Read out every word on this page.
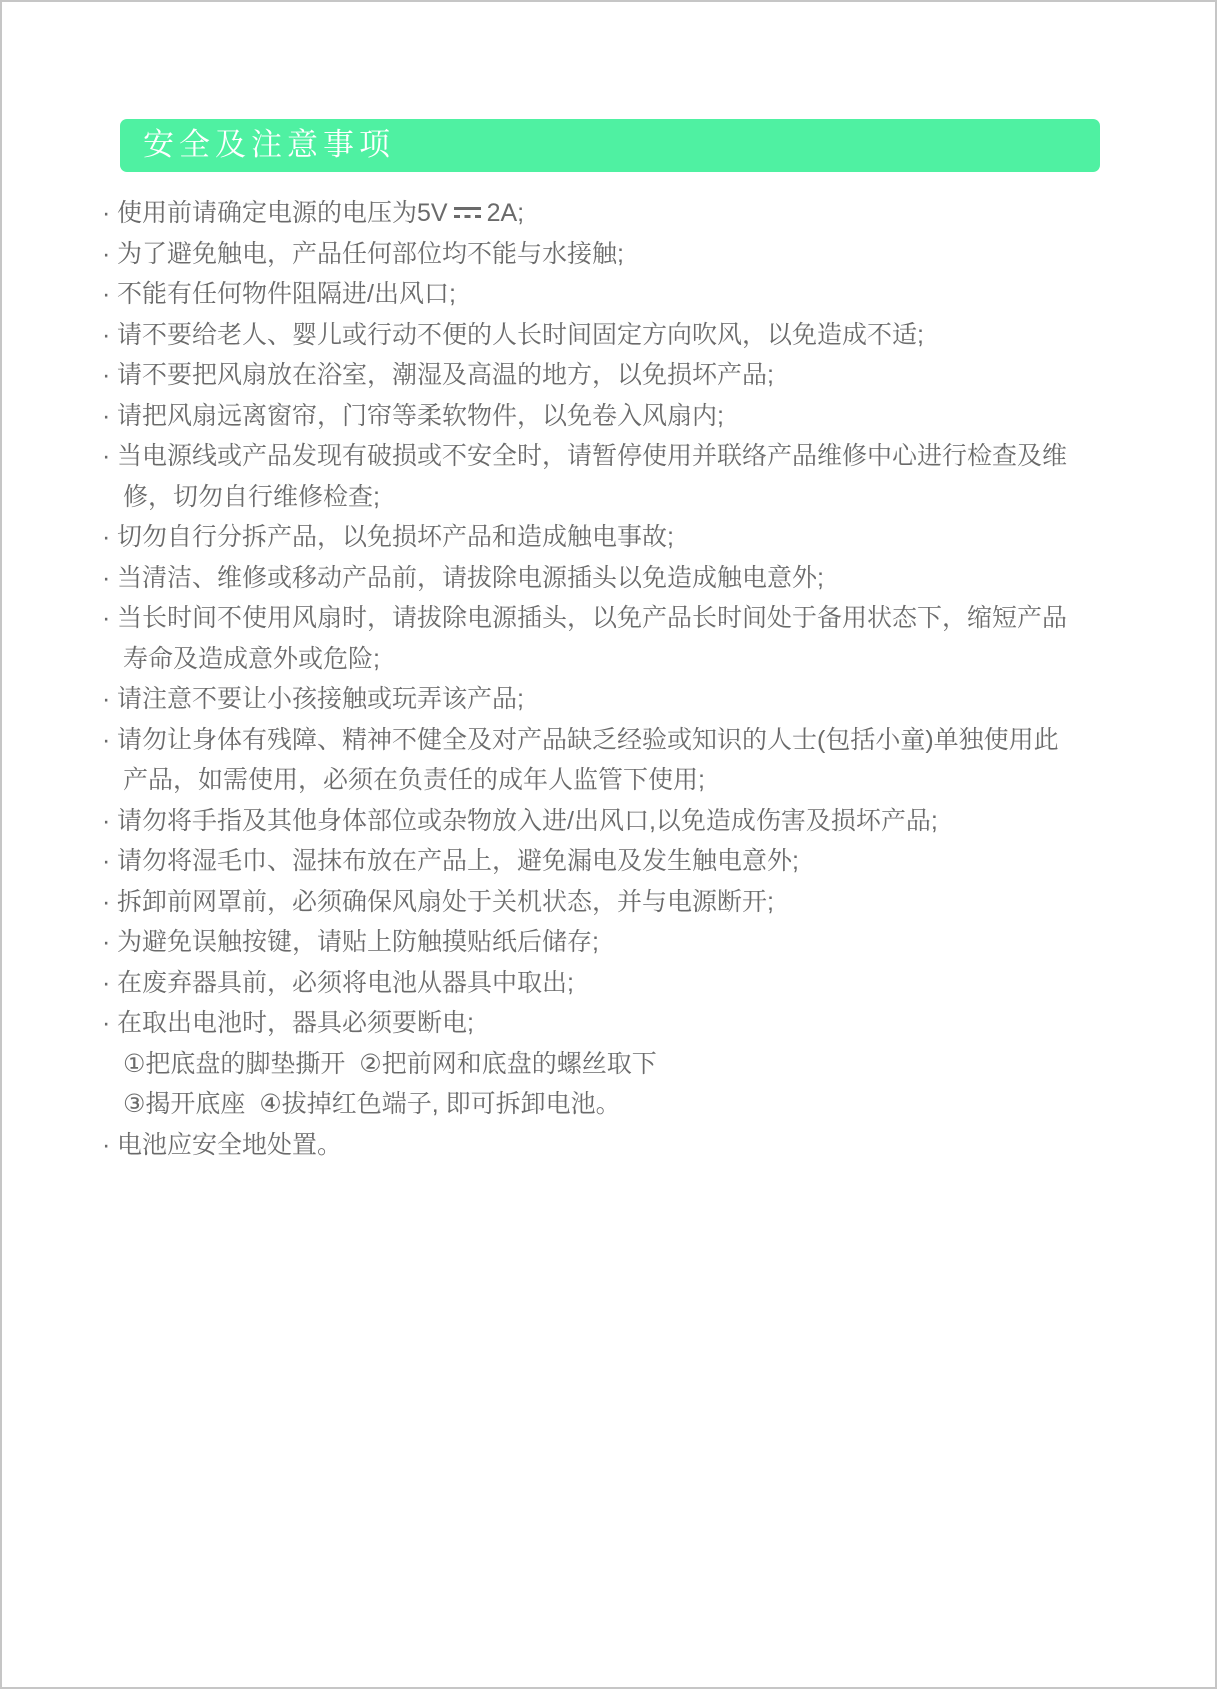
安全及注意事项
· 使用前请确定电源的电压为5V 2A;
· 为了避免触电，产品任何部位均不能与水接触;
· 不能有任何物件阻隔进/出风口;
· 请不要给老人、婴儿或行动不便的人长时间固定方向吹风，以免造成不适;
· 请不要把风扇放在浴室，潮湿及高温的地方，以免损坏产品;
· 请把风扇远离窗帘，门帘等柔软物件，以免卷入风扇内;
· 当电源线或产品发现有破损或不安全时，请暂停使用并联络产品维修中心进行检查及维
修，切勿自行维修检查;
· 切勿自行分拆产品，以免损坏产品和造成触电事故;
· 当清洁、维修或移动产品前，请拔除电源插头以免造成触电意外;
· 当长时间不使用风扇时，请拔除电源插头，以免产品长时间处于备用状态下，缩短产品
寿命及造成意外或危险;
· 请注意不要让小孩接触或玩弄该产品;
· 请勿让身体有残障、精神不健全及对产品缺乏经验或知识的人士(包括小童)单独使用此
产品，如需使用，必须在负责任的成年人监管下使用;
· 请勿将手指及其他身体部位或杂物放入进/出风口,以免造成伤害及损坏产品;
· 请勿将湿毛巾、湿抹布放在产品上，避免漏电及发生触电意外;
· 拆卸前网罩前，必须确保风扇处于关机状态，并与电源断开;
· 为避免误触按键，请贴上防触摸贴纸后储存;
· 在废弃器具前，必须将电池从器具中取出;
· 在取出电池时，器具必须要断电;
①把底盘的脚垫撕开  ②把前网和底盘的螺丝取下
③揭开底座  ④拔掉红色端子, 即可拆卸电池。
· 电池应安全地处置。
